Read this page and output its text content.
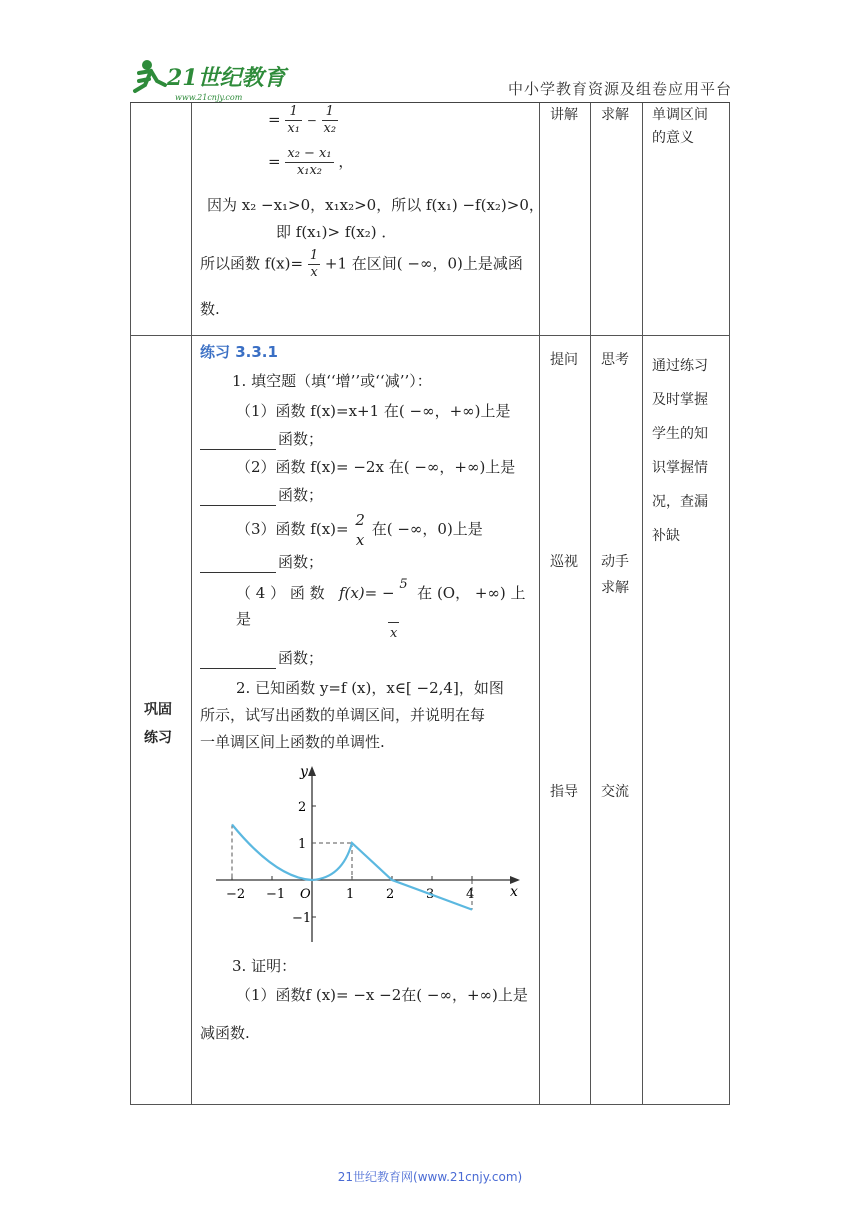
21世纪教育
www.21cnjy.com	中小学教育资源及组卷应用平台
= $\frac{1}{\text{x₁}} - \frac{1}{\text{x₂}}$
= $\frac{\text{x₂ − x₁}}{\text{x₁x₂}}$ ，
因为 x₂ −x₁>0，x₁x₂>0，所以 f(x₁) −f(x₂)>0，
即 f(x₁)> f(x₂) ．
所以函数 $f(x)= \frac{1}{x} +1$ 在区间( −∞，0)上是减函
数.
讲解 求解 单调区间
的意义
巩固
练习
练习 3.3.1
1. 填空题（填‘‘增’’或‘‘减’’）：
（1）函数 f(x)=x+1 在( −∞，+∞)上是
函数；
（2）函数 f(x)= −2x 在( −∞，+∞)上是
函数；
（3）函数 f(x)= 2
x
在( −∞，0)上是
函数；
（ 4 ） 函 数 f(x)= − 5 在 (O， +∞) 上
是
x
函数；
2. 已知函数 y=f (x)，x∈[ −2,4]，如图
所示，试写出函数的单调区间，并说明在每
一单调区间上函数的单调性.
y
x
O
−2 −1	1 2 3 4
2
1
−1
3. 证明：
（1）函数f (x)= −x −2在( −∞，+∞)上是
减函数.
提问
巡视
指导
思考
动手
求解
交流
通过练习
及时掌握
学生的知
识掌握情
况，查漏
补缺
21世纪教育网(www.21cnjy.com)
